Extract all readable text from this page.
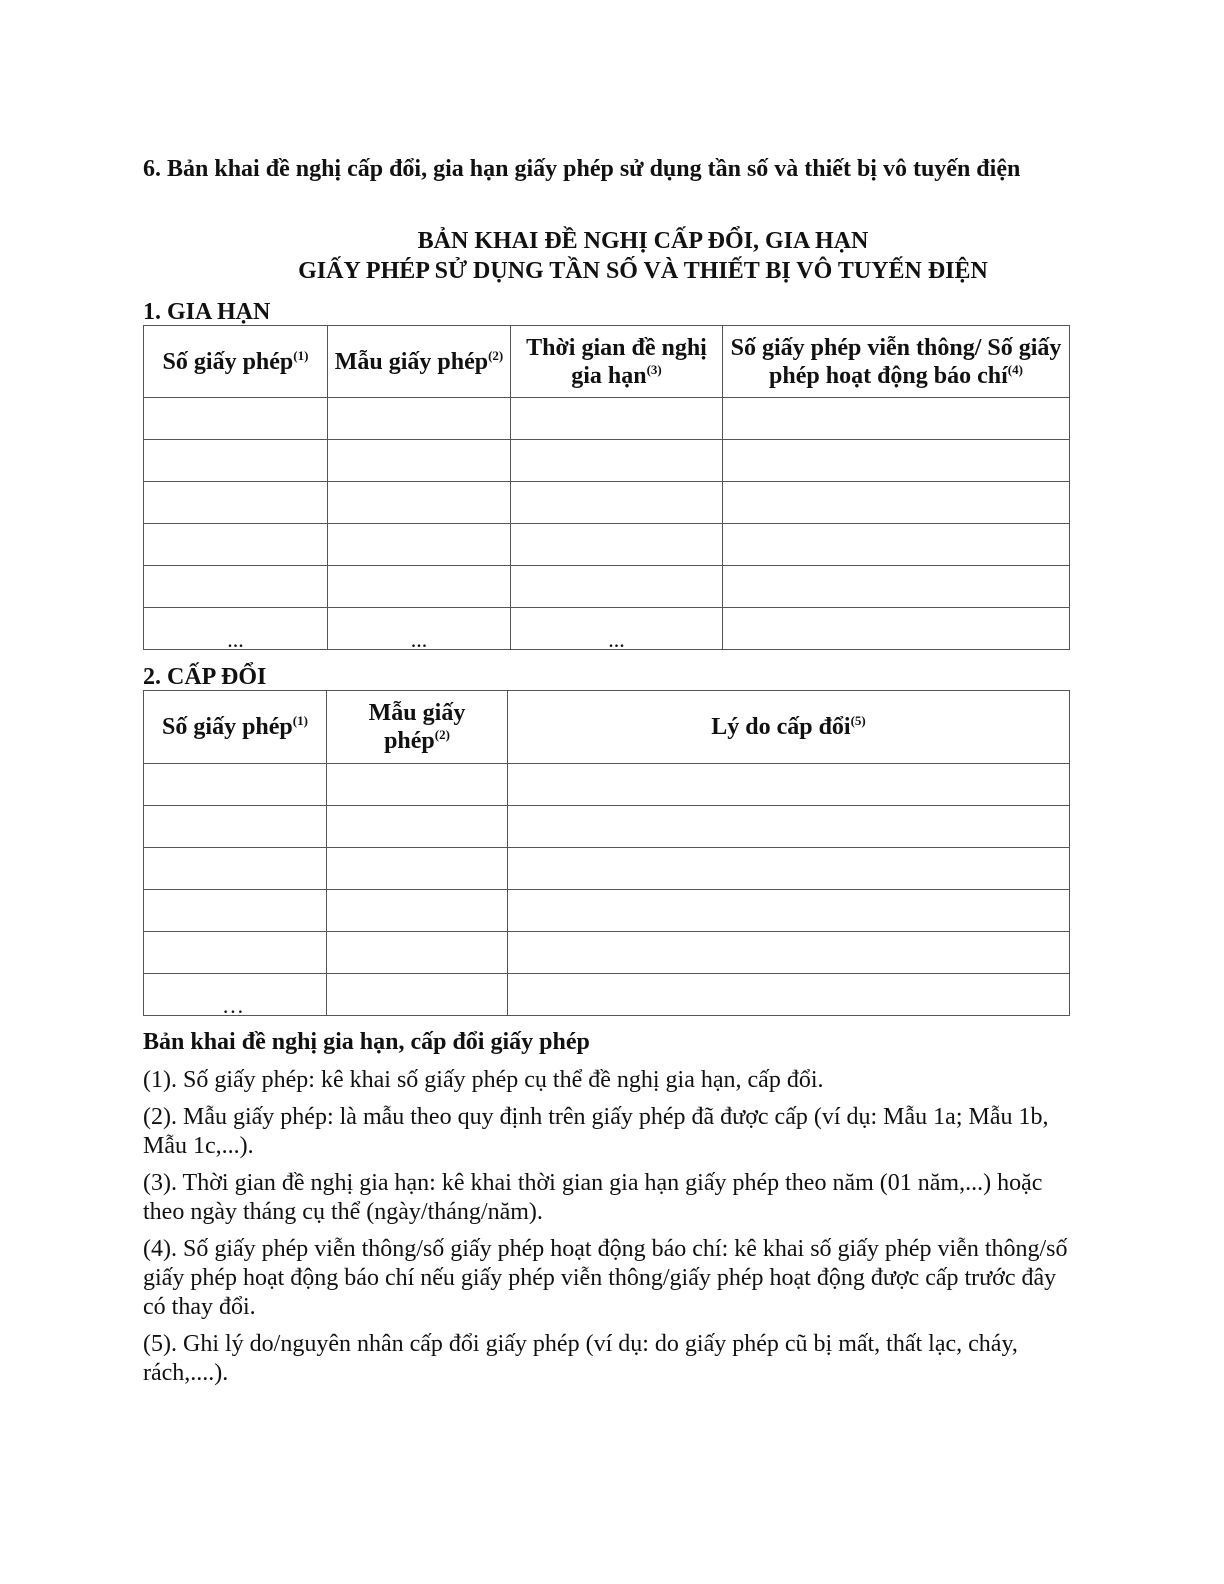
6. Bản khai đề nghị cấp đổi, gia hạn giấy phép sử dụng tần số và thiết bị vô tuyến điện
BẢN KHAI ĐỀ NGHỊ CẤP ĐỔI, GIA HẠN
GIẤY PHÉP SỬ DỤNG TẦN SỐ VÀ THIẾT BỊ VÔ TUYẾN ĐIỆN
1. GIA HẠN
Số giấy phép$^{(1)}$	Mẫu giấy phép$^{(2)}$	Thời gian đề nghị gia hạn$^{(3)}$	Số giấy phép viễn thông/ Số giấy phép hoạt động báo chí$^{(4)}$

...	...	...	
2. CẤP ĐỔI
Số giấy phép$^{(1)}$	Mẫu giấy phép$^{(2)}$	Lý do cấp đổi$^{(5)}$

…		

Bản khai đề nghị gia hạn, cấp đổi giấy phép

(1). Số giấy phép: kê khai số giấy phép cụ thể đề nghị gia hạn, cấp đổi.

(2). Mẫu giấy phép: là mẫu theo quy định trên giấy phép đã được cấp (ví dụ: Mẫu 1a; Mẫu 1b, Mẫu 1c,...).

(3). Thời gian đề nghị gia hạn: kê khai thời gian gia hạn giấy phép theo năm (01 năm,...) hoặc theo ngày tháng cụ thể (ngày/tháng/năm).

(4). Số giấy phép viễn thông/số giấy phép hoạt động báo chí: kê khai số giấy phép viễn thông/số giấy phép hoạt động báo chí nếu giấy phép viễn thông/giấy phép hoạt động được cấp trước đây có thay đổi.

(5). Ghi lý do/nguyên nhân cấp đổi giấy phép (ví dụ: do giấy phép cũ bị mất, thất lạc, cháy, rách,....).
